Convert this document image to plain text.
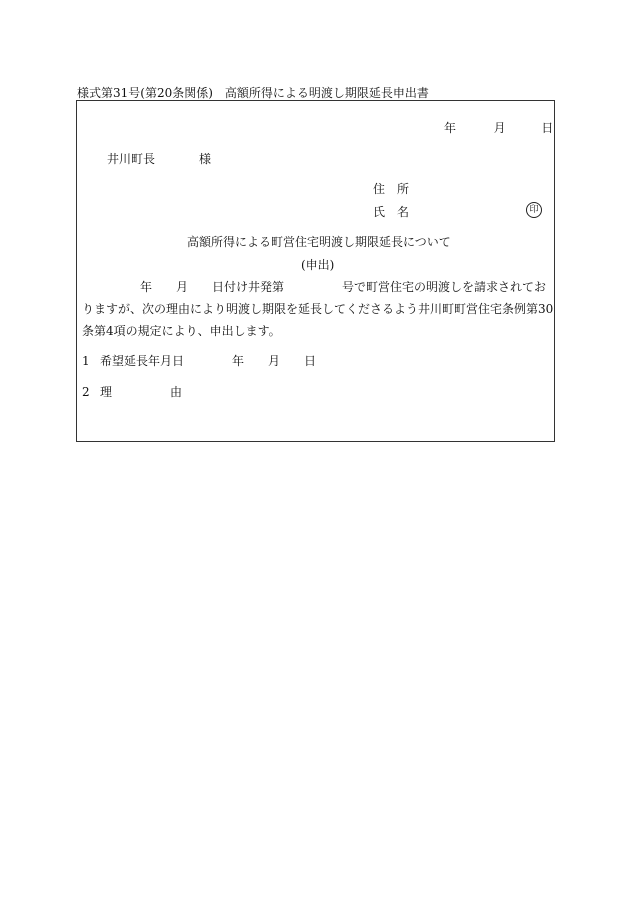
様式第31号(第20条関係)　高額所得による明渡し期限延長申出書
年	月	日
井川町長	様
住 所
氏 名	印
高額所得による町営住宅明渡し期限延長について
(申出)
年 月 日付け井発第	号で町営住宅の明渡しを請求されてお
りますが、次の理由により明渡し期限を延長してくださるよう井川町町営住宅条例第30
条第4項の規定により、申出します。
1 希望延長年月日	年 月 日
2 理	由
